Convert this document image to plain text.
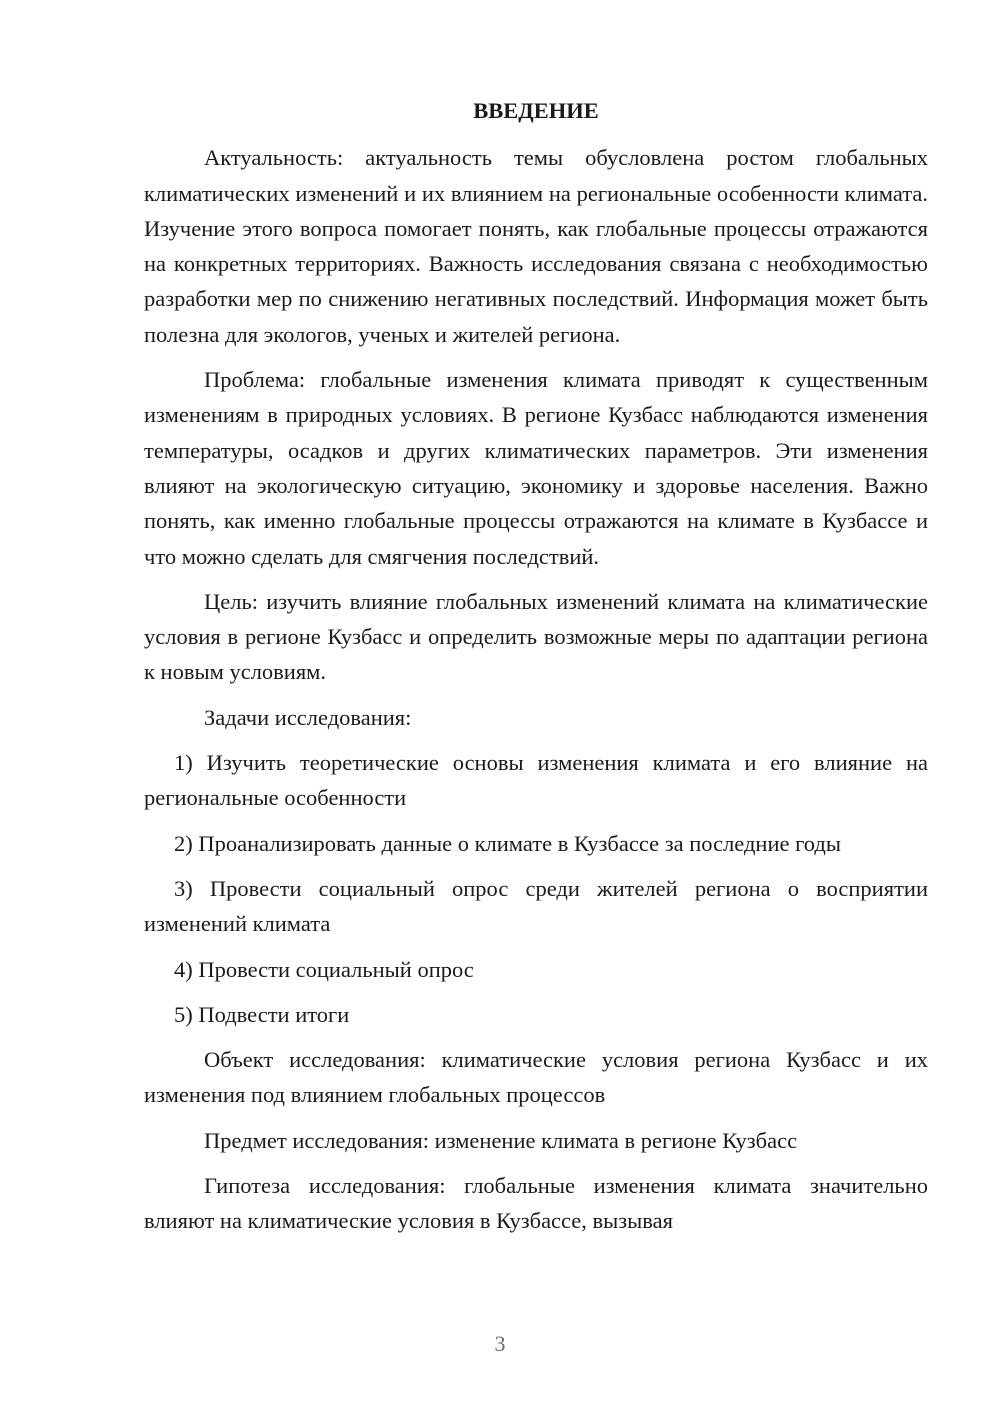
ВВЕДЕНИЕ

Актуальность: актуальность темы обусловлена ростом глобальных климатических изменений и их влиянием на региональные особенности климата. Изучение этого вопроса помогает понять, как глобальные процессы отражаются на конкретных территориях. Важность исследования связана с необходимостью разработки мер по снижению негативных последствий. Информация может быть полезна для экологов, ученых и жителей региона.

Проблема: глобальные изменения климата приводят к существенным изменениям в природных условиях. В регионе Кузбасс наблюдаются изменения температуры, осадков и других климатических параметров. Эти изменения влияют на экологическую ситуацию, экономику и здоровье населения. Важно понять, как именно глобальные процессы отражаются на климате в Кузбассе и что можно сделать для смягчения последствий.

Цель: изучить влияние глобальных изменений климата на климатические условия в регионе Кузбасс и определить возможные меры по адаптации региона к новым условиям.

Задачи исследования:

1) Изучить теоретические основы изменения климата и его влияние на региональные особенности

2) Проанализировать данные о климате в Кузбассе за последние годы

3) Провести социальный опрос среди жителей региона о восприятии изменений климата

4) Провести социальный опрос

5) Подвести итоги

Объект исследования: климатические условия региона Кузбасс и их изменения под влиянием глобальных процессов

Предмет исследования: изменение климата в регионе Кузбасс

Гипотеза исследования: глобальные изменения климата значительно влияют на климатические условия в Кузбассе, вызывая

3
